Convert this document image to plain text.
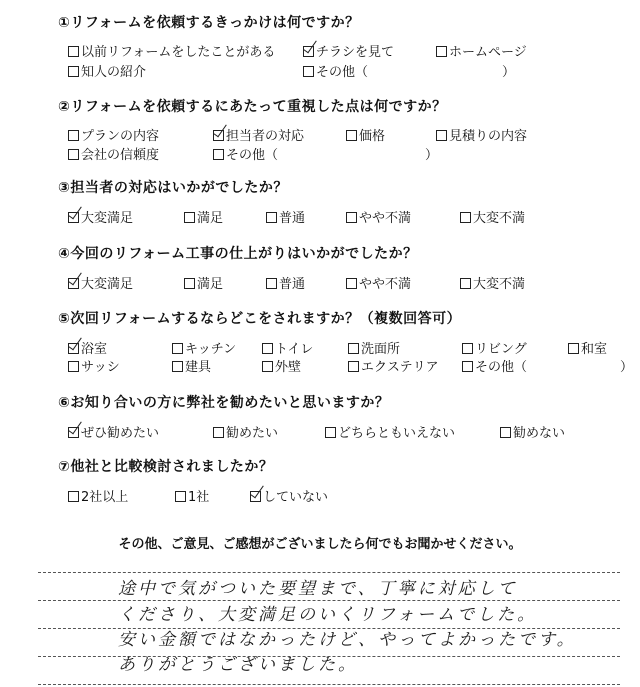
①リフォームを依頼するきっかけは何ですか？
以前リフォームをしたことがある	チラシを見て	ホームページ
知人の紹介	その他（	）
②リフォームを依頼するにあたって重視した点は何ですか？
プランの内容	担当者の対応	価格	見積りの内容
会社の信頼度	その他（	）
③担当者の対応はいかがでしたか？
大変満足	満足	普通	やや不満	大変不満
④今回のリフォーム工事の仕上がりはいかがでしたか？
大変満足	満足	普通	やや不満	大変不満
⑤次回リフォームするならどこをされますか？（複数回答可）
浴室	キッチン	トイレ	洗面所	リビング	和室
サッシ	建具	外壁	エクステリア	その他（	）
⑥お知り合いの方に弊社を勧めたいと思いますか？
ぜひ勧めたい	勧めたい	どちらともいえない	勧めない
⑦他社と比較検討されましたか？
2社以上	1社	していない
その他、ご意見、ご感想がございましたら何でもお聞かせください。
途中で気がついた要望まで、丁寧に対応して
くださり、大変満足のいくリフォームでした。
安い金額ではなかったけど、やってよかったです。
ありがとうございました。
